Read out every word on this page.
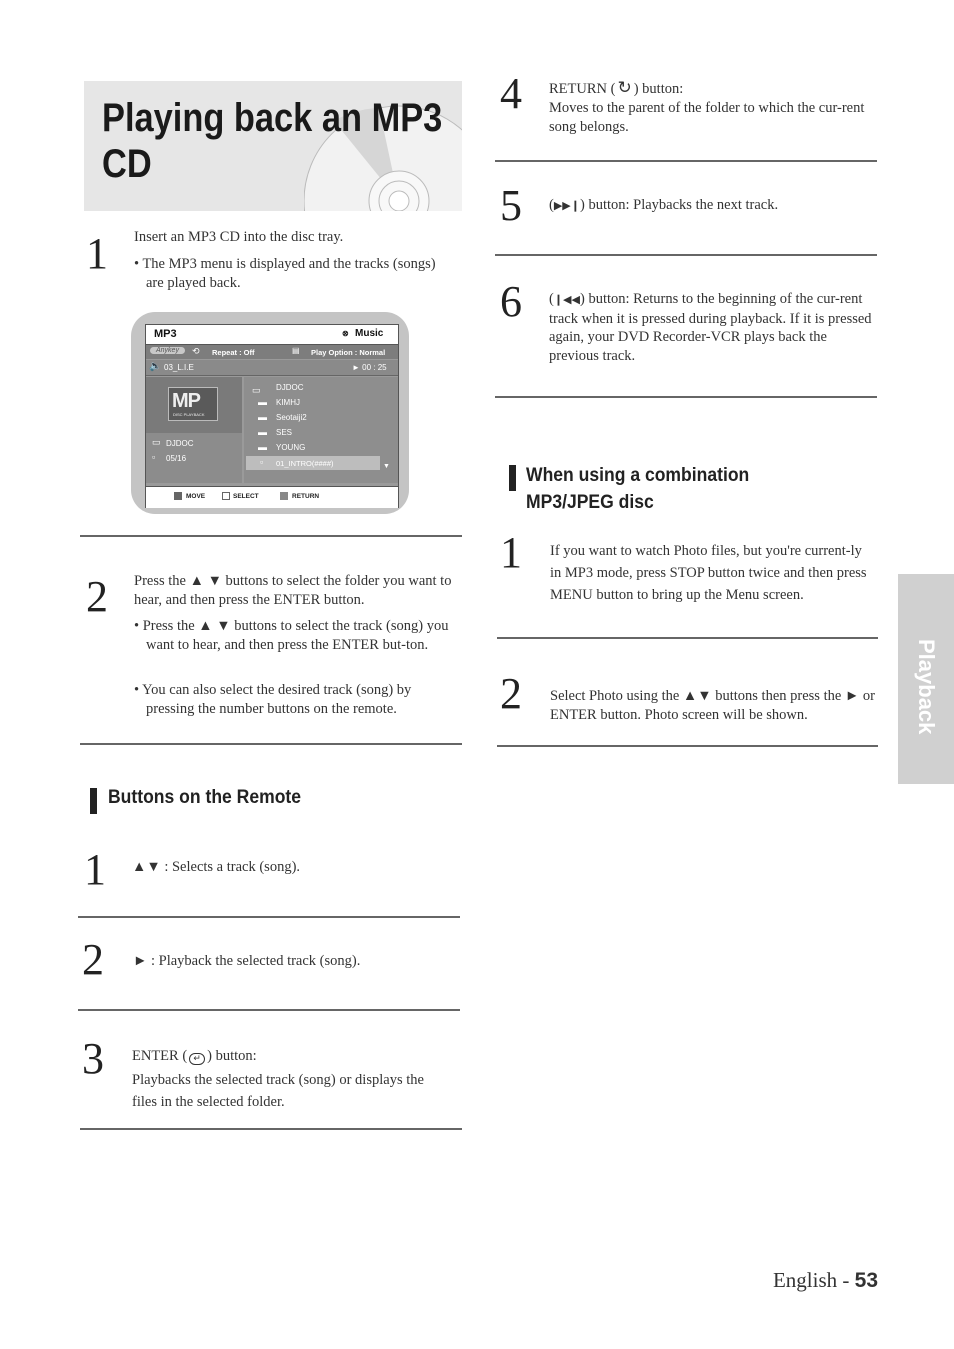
Playing back an MP3 CD
1 Insert an MP3 CD into the disc tray.
• The MP3 menu is displayed and the tracks (songs) are played back.
MP3	⊗ Music
Anykey	⟲ Repeat : Off	▤ Play Option : Normal
🔈 03_L.I.E	► 00 : 25
MP
DISC PLAYBACK
▭ DJDOC
▫ 05/16
▭ DJDOC
▬ KIMHJ
▬ Seotaiji2
▬ SES
▬ YOUNG
▫ 01_INTRO(####)	▼
MOVE	SELECT	RETURN
2 Press the ▲ ▼ buttons to select the folder you want to hear, and then press the ENTER button.
• Press the ▲ ▼ buttons to select the track (song) you want to hear, and then press the ENTER but-ton.
• You can also select the desired track (song) by pressing the number buttons on the remote.
Buttons on the Remote
1 ▲▼ : Selects a track (song).
2 ► : Playback the selected track (song).
3 ENTER ( ↵ ) button:
Playbacks the selected track (song) or displays the files in the selected folder.
4 RETURN ( ↻ ) button:
Moves to the parent of the folder to which the cur-rent song belongs.
5 (▶▶❙) button: Playbacks the next track.
6 (❙◀◀) button: Returns to the beginning of the cur-rent track when it is pressed during playback. If it is pressed again, your DVD Recorder-VCR plays back the previous track.
When using a combination
MP3/JPEG disc
1 If you want to watch Photo files, but you're current-ly in MP3 mode, press STOP button twice and then press MENU button to bring up the Menu screen.
2 Select Photo using the ▲▼ buttons then press the ► or ENTER button. Photo screen will be shown.	Playback
English - 53
